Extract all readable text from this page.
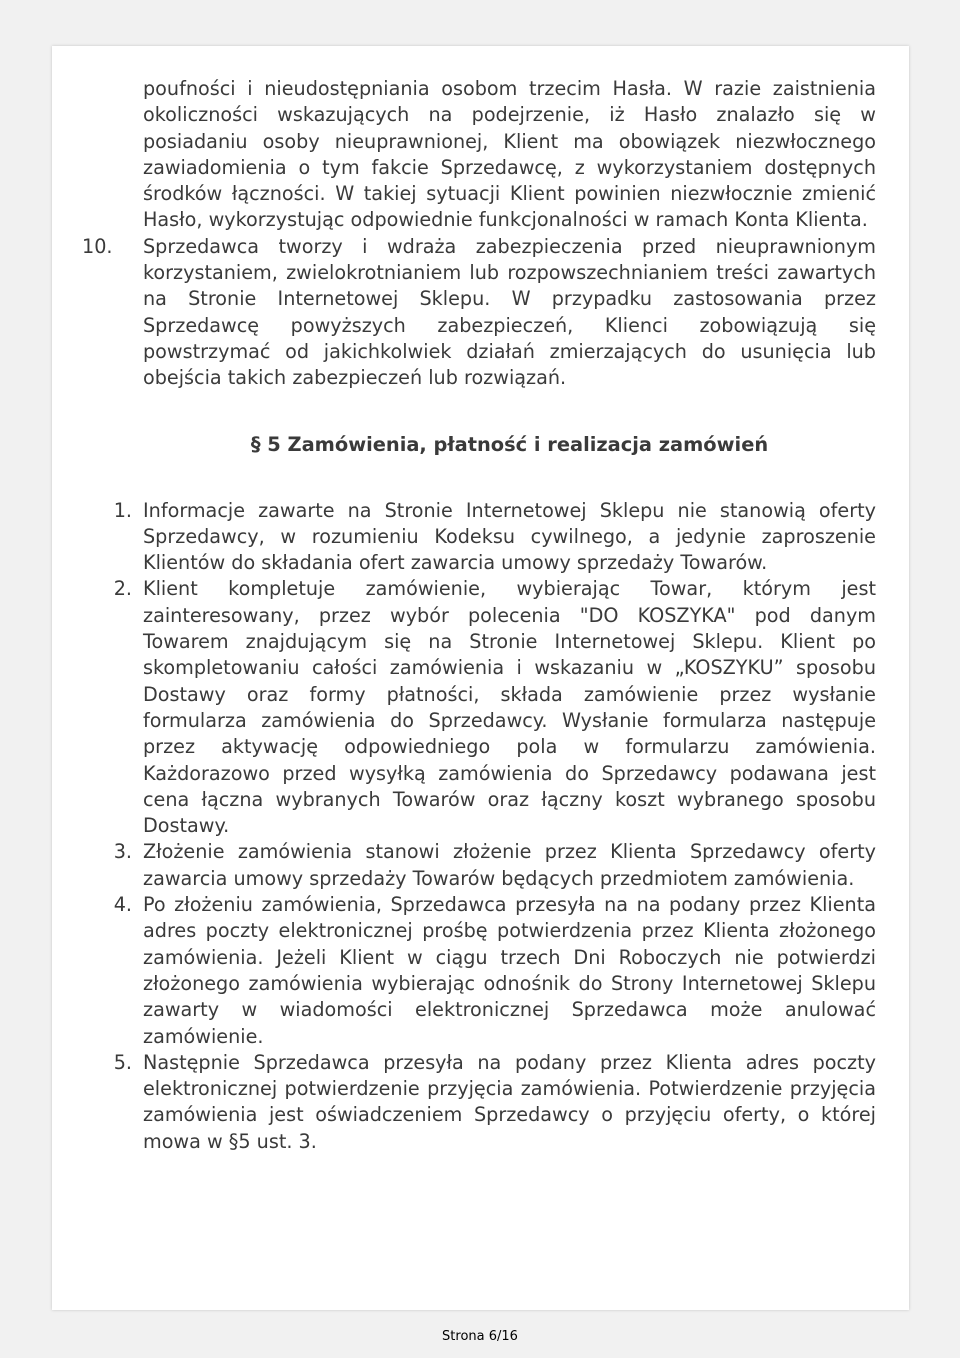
poufności i nieudostępniania osobom trzecim Hasła. W razie zaistnienia okoliczności wskazujących na podejrzenie, iż Hasło znalazło się w posiadaniu osoby nieuprawnionej, Klient ma obowiązek niezwłocznego zawiadomienia o tym fakcie Sprzedawcę, z wykorzystaniem dostępnych środków łączności. W takiej sytuacji Klient powinien niezwłocznie zmienić Hasło, wykorzystując odpowiednie funkcjonalności w ramach Konta Klienta.

10.	Sprzedawca tworzy i wdraża zabezpieczenia przed nieuprawnionym korzystaniem, zwielokrotnianiem lub rozpowszechnianiem treści zawartych na Stronie Internetowej Sklepu. W przypadku zastosowania przez Sprzedawcę powyższych zabezpieczeń, Klienci zobowiązują się powstrzymać od jakichkolwiek działań zmierzających do usunięcia lub obejścia takich zabezpieczeń lub rozwiązań.

§ 5 Zamówienia, płatność i realizacja zamówień

1. Informacje zawarte na Stronie Internetowej Sklepu nie stanowią oferty Sprzedawcy, w rozumieniu Kodeksu cywilnego, a jedynie zaproszenie Klientów do składania ofert zawarcia umowy sprzedaży Towarów.

2. Klient kompletuje zamówienie, wybierając Towar, którym jest zainteresowany, przez wybór polecenia "DO KOSZYKA" pod danym Towarem znajdującym się na Stronie Internetowej Sklepu. Klient po skompletowaniu całości zamówienia i wskazaniu w „KOSZYKU” sposobu Dostawy oraz formy płatności, składa zamówienie przez wysłanie formularza zamówienia do Sprzedawcy. Wysłanie formularza następuje przez aktywację odpowiedniego pola w formularzu zamówienia. Każdorazowo przed wysyłką zamówienia do Sprzedawcy podawana jest cena łączna wybranych Towarów oraz łączny koszt wybranego sposobu Dostawy.

3. Złożenie zamówienia stanowi złożenie przez Klienta Sprzedawcy oferty zawarcia umowy sprzedaży Towarów będących przedmiotem zamówienia.

4. Po złożeniu zamówienia, Sprzedawca przesyła na na podany przez Klienta adres poczty elektronicznej prośbę potwierdzenia przez Klienta złożonego zamówienia. Jeżeli Klient w ciągu trzech Dni Roboczych nie potwierdzi złożonego zamówienia wybierając odnośnik do Strony Internetowej Sklepu zawarty w wiadomości elektronicznej Sprzedawca może anulować zamówienie.

5. Następnie Sprzedawca przesyła na podany przez Klienta adres poczty elektronicznej potwierdzenie przyjęcia zamówienia. Potwierdzenie przyjęcia zamówienia jest oświadczeniem Sprzedawcy o przyjęciu oferty, o której mowa w §5 ust. 3.

Strona 6/16
